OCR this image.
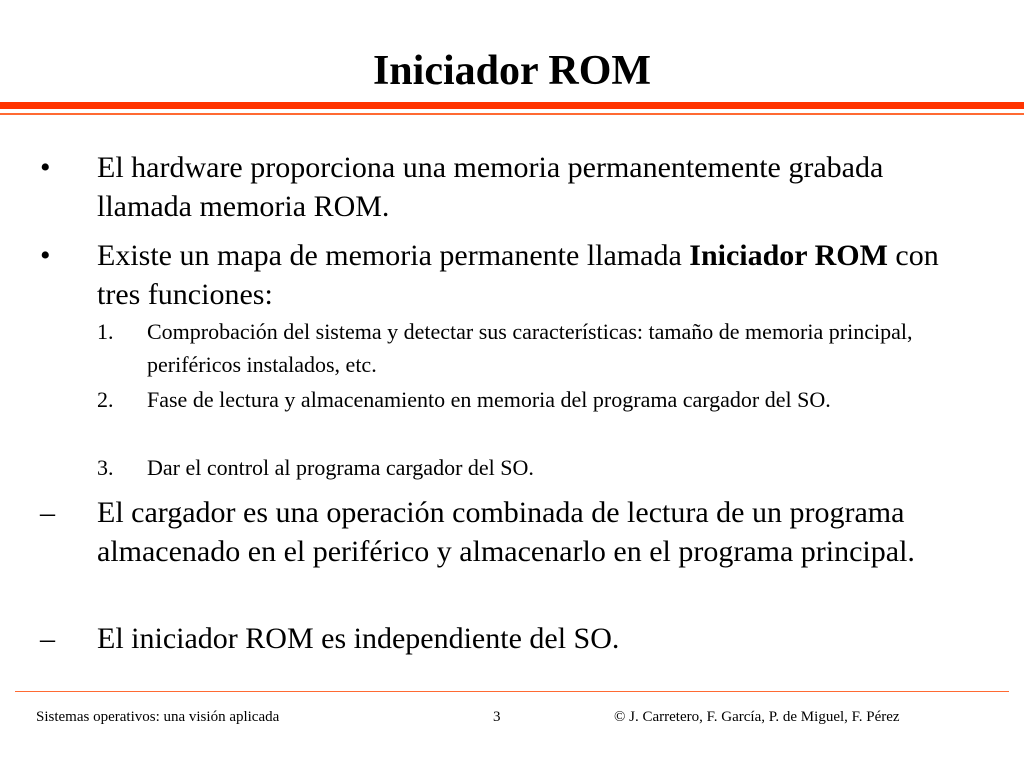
Iniciador ROM
• El hardware proporciona una memoria permanentemente grabada llamada memoria ROM.
• Existe un mapa de memoria permanente llamada Iniciador ROM con tres funciones:
1. Comprobación del sistema y detectar sus características: tamaño de memoria principal, periféricos instalados, etc.
2. Fase de lectura y almacenamiento en memoria del programa cargador del SO.
3. Dar el control al programa cargador del SO.
– El cargador es una operación combinada de lectura de un programa almacenado en el periférico y almacenarlo en el programa principal.
– El iniciador ROM es independiente del SO.
Sistemas operativos: una visión aplicada	3	© J. Carretero, F. García, P. de Miguel, F. Pérez
